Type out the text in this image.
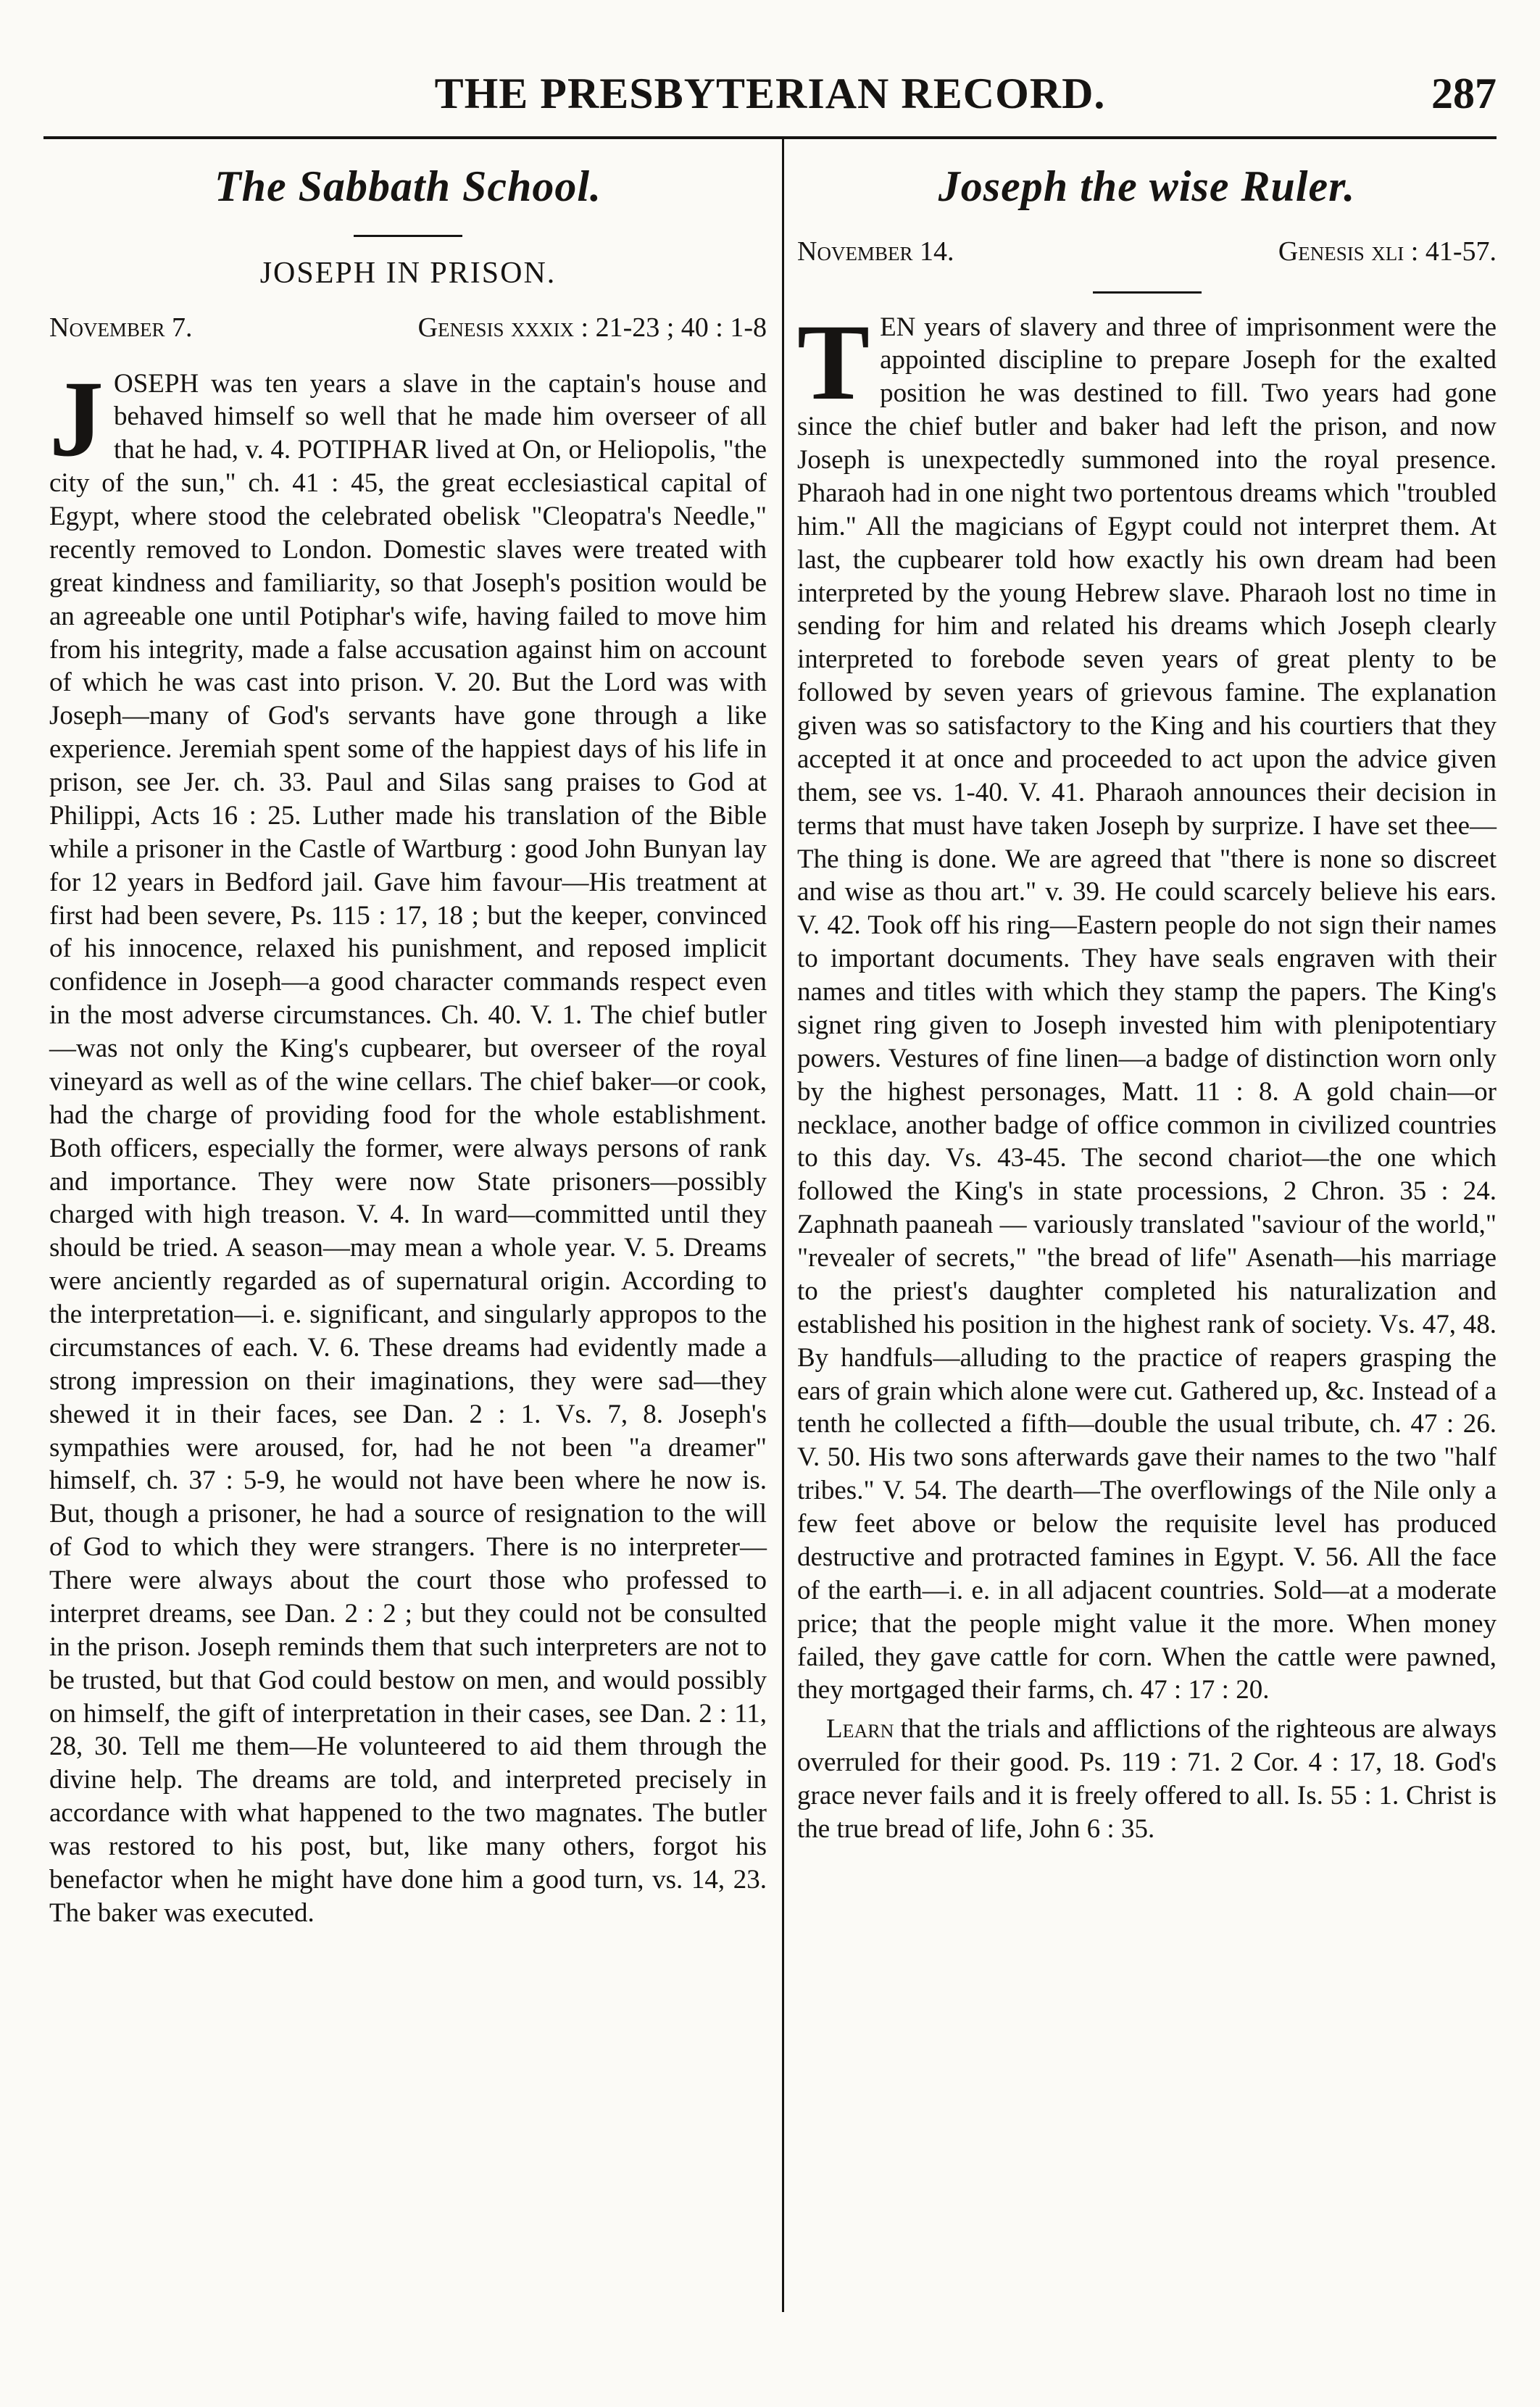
THE PRESBYTERIAN RECORD.	287
The Sabbath School.
JOSEPH IN PRISON.
November 7.	Genesis xxxix : 21-23 ; 40 : 1-8

JOSEPH was ten years a slave in the captain's house and behaved himself so well that he made him overseer of all that he had, v. 4. POTIPHAR lived at On, or Heliopolis, "the city of the sun," ch. 41 : 45, the great ecclesiastical capital of Egypt, where stood the celebrated obelisk "Cleopatra's Needle," recently removed to London. Domestic slaves were treated with great kindness and familiarity, so that Joseph's position would be an agreeable one until Potiphar's wife, having failed to move him from his integrity, made a false accusation against him on account of which he was cast into prison. V. 20. But the Lord was with Joseph—many of God's servants have gone through a like experience. Jeremiah spent some of the happiest days of his life in prison, see Jer. ch. 33. Paul and Silas sang praises to God at Philippi, Acts 16 : 25. Luther made his translation of the Bible while a prisoner in the Castle of Wartburg : good John Bunyan lay for 12 years in Bedford jail. Gave him favour—His treatment at first had been severe, Ps. 115 : 17, 18 ; but the keeper, convinced of his innocence, relaxed his punishment, and reposed implicit confidence in Joseph—a good character commands respect even in the most adverse circumstances. Ch. 40. V. 1. The chief butler—was not only the King's cupbearer, but overseer of the royal vineyard as well as of the wine cellars. The chief baker—or cook, had the charge of providing food for the whole establishment. Both officers, especially the former, were always persons of rank and importance. They were now State prisoners—possibly charged with high treason. V. 4. In ward—committed until they should be tried. A season—may mean a whole year. V. 5. Dreams were anciently regarded as of supernatural origin. According to the interpretation—i. e. significant, and singularly appropos to the circumstances of each. V. 6. These dreams had evidently made a strong impression on their imaginations, they were sad—they shewed it in their faces, see Dan. 2 : 1. Vs. 7, 8. Joseph's sympathies were aroused, for, had he not been "a dreamer" himself, ch. 37 : 5-9, he would not have been where he now is. But, though a prisoner, he had a source of resignation to the will of God to which they were strangers. There is no interpreter—There were always about the court those who professed to interpret dreams, see Dan. 2 : 2 ; but they could not be consulted in the prison. Joseph reminds them that such interpreters are not to be trusted, but that God could bestow on men, and would possibly on himself, the gift of interpretation in their cases, see Dan. 2 : 11, 28, 30. Tell me them—He volunteered to aid them through the divine help. The dreams are told, and interpreted precisely in accordance with what happened to the two magnates. The butler was restored to his post, but, like many others, forgot his benefactor when he might have done him a good turn, vs. 14, 23. The baker was executed.

Joseph the wise Ruler.
November 14.	Genesis xli : 41-57.

TEN years of slavery and three of imprisonment were the appointed discipline to prepare Joseph for the exalted position he was destined to fill. Two years had gone since the chief butler and baker had left the prison, and now Joseph is unexpectedly summoned into the royal presence. Pharaoh had in one night two portentous dreams which "troubled him." All the magicians of Egypt could not interpret them. At last, the cupbearer told how exactly his own dream had been interpreted by the young Hebrew slave. Pharaoh lost no time in sending for him and related his dreams which Joseph clearly interpreted to forebode seven years of great plenty to be followed by seven years of grievous famine. The explanation given was so satisfactory to the King and his courtiers that they accepted it at once and proceeded to act upon the advice given them, see vs. 1-40. V. 41. Pharaoh announces their decision in terms that must have taken Joseph by surprize. I have set thee—The thing is done. We are agreed that "there is none so discreet and wise as thou art." v. 39. He could scarcely believe his ears. V. 42. Took off his ring—Eastern people do not sign their names to important documents. They have seals engraven with their names and titles with which they stamp the papers. The King's signet ring given to Joseph invested him with plenipotentiary powers. Vestures of fine linen—a badge of distinction worn only by the highest personages, Matt. 11 : 8. A gold chain—or necklace, another badge of office common in civilized countries to this day. Vs. 43-45. The second chariot—the one which followed the King's in state processions, 2 Chron. 35 : 24. Zaphnath paaneah — variously translated "saviour of the world," "revealer of secrets," "the bread of life" Asenath—his marriage to the priest's daughter completed his naturalization and established his position in the highest rank of society. Vs. 47, 48. By handfuls—alluding to the practice of reapers grasping the ears of grain which alone were cut. Gathered up, &c. Instead of a tenth he collected a fifth—double the usual tribute, ch. 47 : 26. V. 50. His two sons afterwards gave their names to the two "half tribes." V. 54. The dearth—The overflowings of the Nile only a few feet above or below the requisite level has produced destructive and protracted famines in Egypt. V. 56. All the face of the earth—i. e. in all adjacent countries. Sold—at a moderate price; that the people might value it the more. When money failed, they gave cattle for corn. When the cattle were pawned, they mortgaged their farms, ch. 47 : 17 : 20.

Learn that the trials and afflictions of the righteous are always overruled for their good. Ps. 119 : 71. 2 Cor. 4 : 17, 18. God's grace never fails and it is freely offered to all. Is. 55 : 1. Christ is the true bread of life, John 6 : 35.
